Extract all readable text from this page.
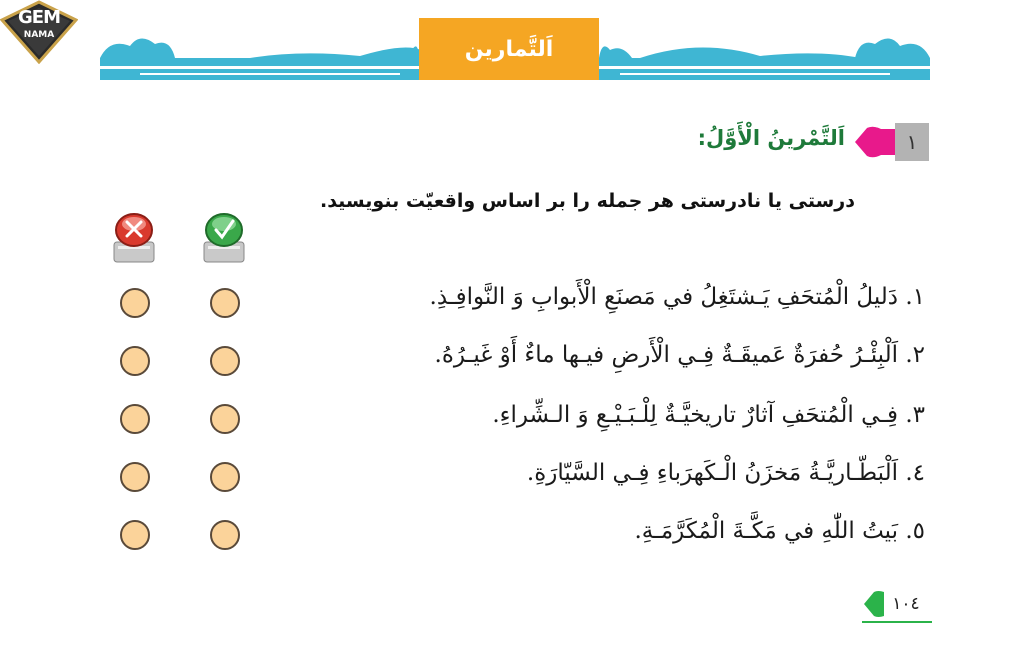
GEM
NAMA
اَلتَّمارين
١
اَلتَّمْرينُ الْأَوَّلُ:
درستی یا نادرستی هر جمله را بر اساس واقعیّت بنویسید.
١. دَليلُ الْمُتحَفِ يَـشتَغِلُ في مَصنَعِ الْأَبوابِ وَ النَّوافِـذِ.
٢. اَلْبِئْـرُ حُفرَةٌ عَميقَـةٌ فِـي الْأَرضِ فيـها ماءٌ أَوْ غَيـرُهُ.
٣. فِـي الْمُتحَفِ آثارٌ تاريخيَّـةٌ لِلْـبَـيْـعِ وَ الـشِّراءِ.
٤. اَلْبَطّـاريَّـةُ مَخزَنُ الْـكَهرَباءِ فِـي السَّيّارَةِ.
٥. بَيتُ اللّٰهِ في مَكَّـةَ الْمُكَرَّمَـةِ.
١٠٤
